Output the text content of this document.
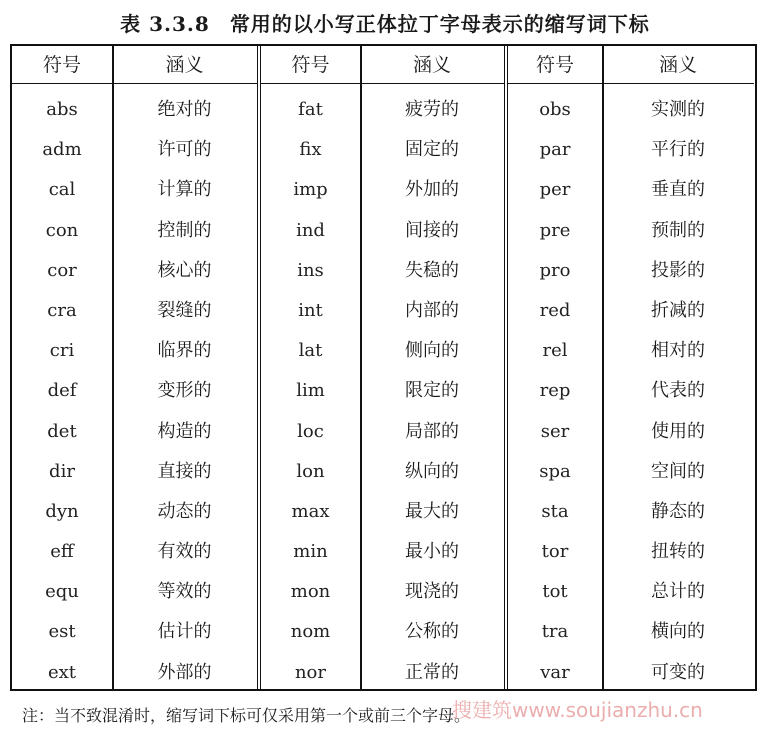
表 3.3.8 常用的以小写正体拉丁字母表示的缩写词下标
符号	涵义
abs	绝对的
adm	许可的
cal	计算的
con	控制的
cor	核心的
cra	裂缝的
cri	临界的
def	变形的
det	构造的
dir	直接的
dyn	动态的
eff	有效的
equ	等效的
est	估计的
ext	外部的
符号	涵义
fat	疲劳的
fix	固定的
imp	外加的
ind	间接的
ins	失稳的
int	内部的
lat	侧向的
lim	限定的
loc	局部的
lon	纵向的
max	最大的
min	最小的
mon	现浇的
nom	公称的
nor	正常的
符号	涵义
obs	实测的
par	平行的
per	垂直的
pre	预制的
pro	投影的
red	折减的
rel	相对的
rep	代表的
ser	使用的
spa	空间的
sta	静态的
tor	扭转的
tot	总计的
tra	横向的
var	可变的
注：当不致混淆时，缩写词下标可仅采用第一个或前三个字母。
搜建筑www.soujianzhu.cn
